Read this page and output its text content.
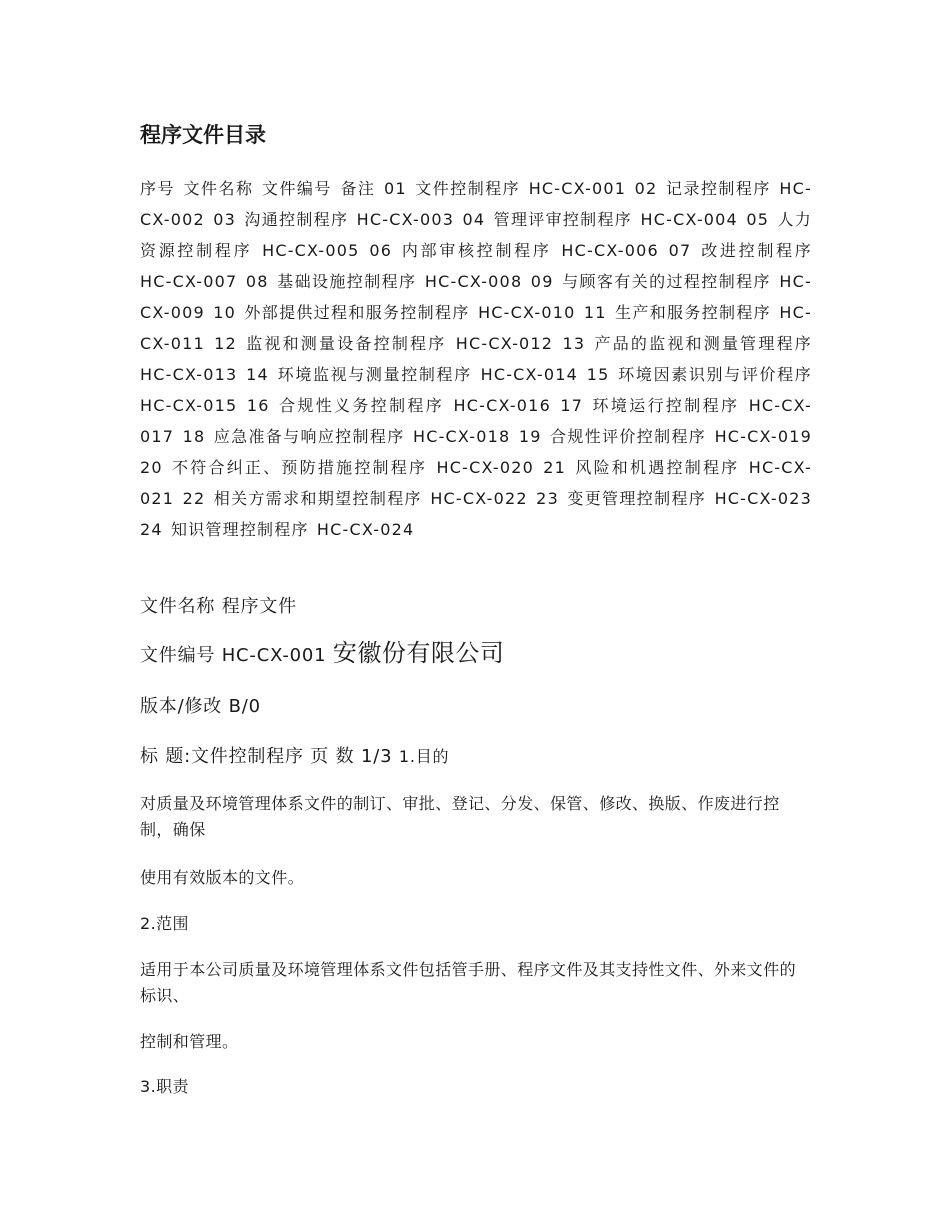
程序文件目录

序号 文件名称 文件编号 备注 01 文件控制程序 HC-CX-001 02 记录控制程序 HC-CX-002 03 沟通控制程序 HC-CX-003 04 管理评审控制程序 HC-CX-004 05 人力资源控制程序 HC-CX-005 06 内部审核控制程序 HC-CX-006 07 改进控制程序 HC-CX-007 08 基础设施控制程序 HC-CX-008 09 与顾客有关的过程控制程序 HC-CX-009 10 外部提供过程和服务控制程序 HC-CX-010 11 生产和服务控制程序 HC-CX-011 12 监视和测量设备控制程序 HC-CX-012 13 产品的监视和测量管理程序 HC-CX-013 14 环境监视与测量控制程序 HC-CX-014 15 环境因素识别与评价程序 HC-CX-015 16 合规性义务控制程序 HC-CX-016 17 环境运行控制程序 HC-CX-017 18 应急准备与响应控制程序 HC-CX-018 19 合规性评价控制程序 HC-CX-019 20 不符合纠正、预防措施控制程序 HC-CX-020 21 风险和机遇控制程序 HC-CX-021 22 相关方需求和期望控制程序 HC-CX-022 23 变更管理控制程序 HC-CX-023 24 知识管理控制程序 HC-CX-024

文件名称 程序文件

文件编号 HC-CX-001 安徽份有限公司

版本/修改 B/0

标 题:文件控制程序 页 数 1/3 1.目的

对质量及环境管理体系文件的制订、审批、登记、分发、保管、修改、换版、作废进行控制，确保

使用有效版本的文件。

2.范围

适用于本公司质量及环境管理体系文件包括管手册、程序文件及其支持性文件、外来文件的标识、

控制和管理。

3.职责
